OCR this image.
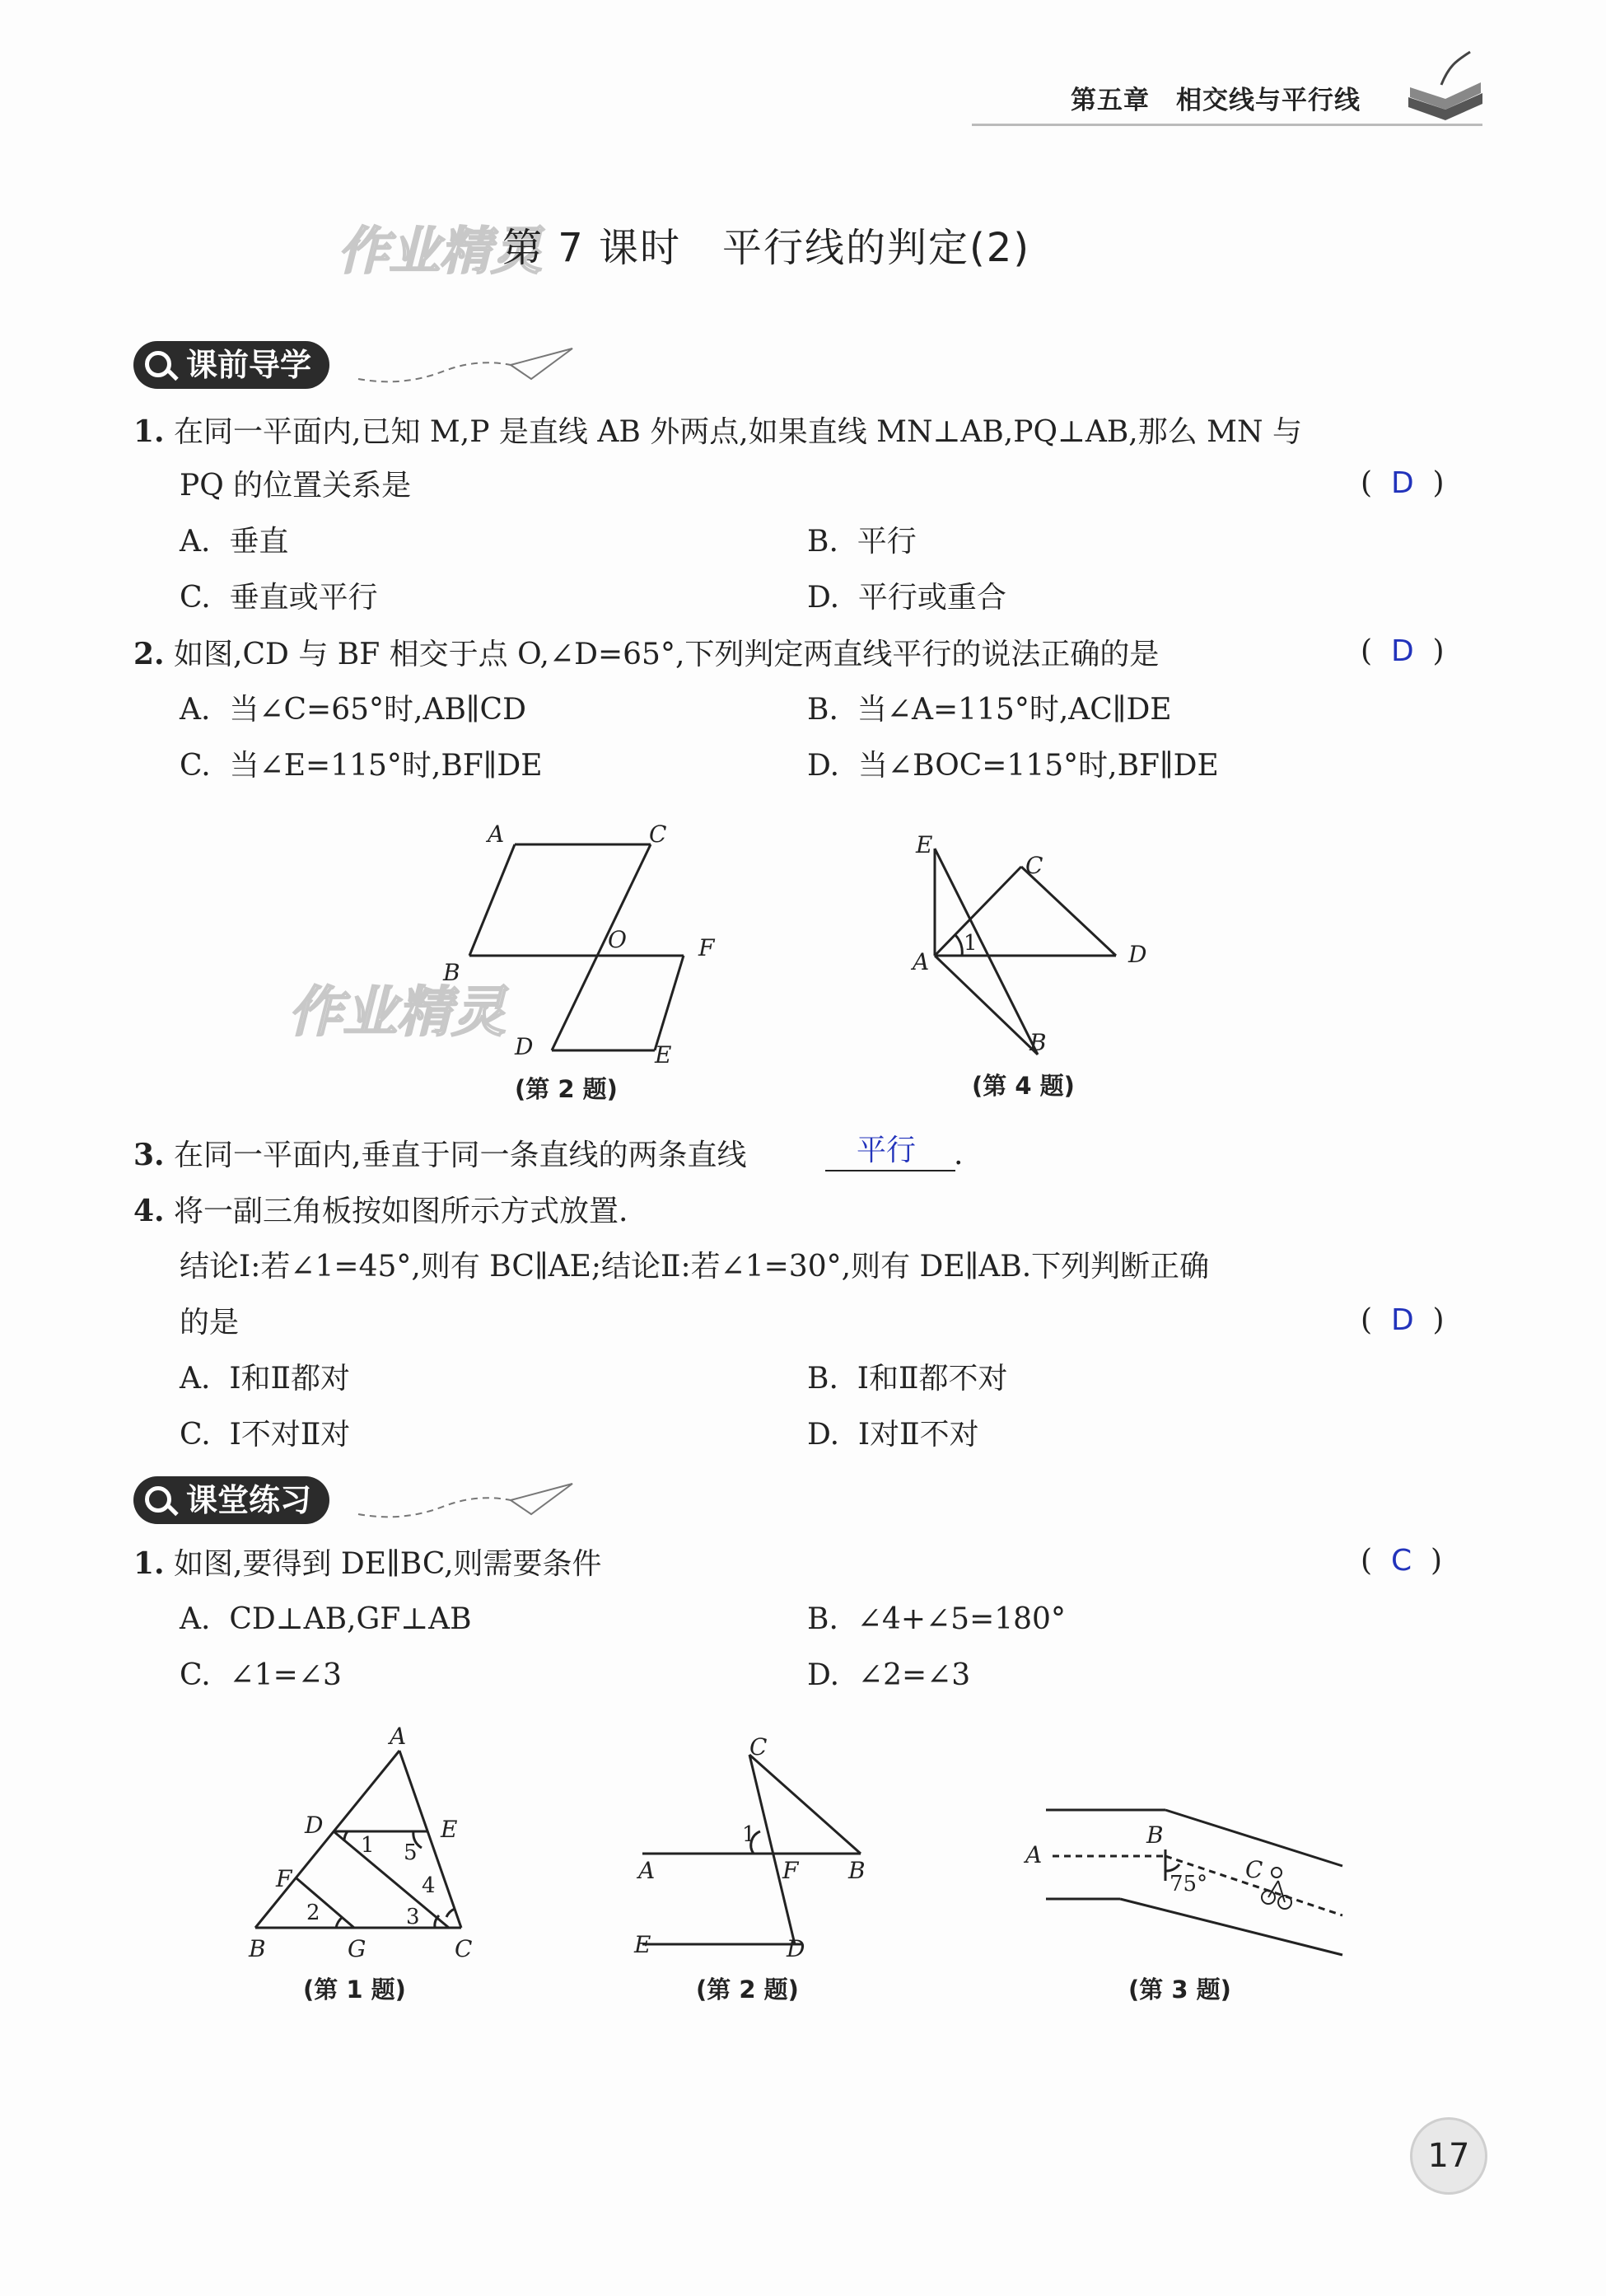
第五章　 相交线与平行线
作业精灵
第 7 课时　平行线的判定(2)
课前导学
1. 在同一平面内,已知 M,P 是直线 AB 外两点,如果直线 MN⊥AB,PQ⊥AB,那么 MN 与
PQ 的位置关系是	(  D  )
A.  垂直	B.  平行
C.  垂直或平行	D.  平行或重合
2. 如图,CD 与 BF 相交于点 O,∠D=65°,下列判定两直线平行的说法正确的是	(  D  )
A.  当∠C=65°时,AB∥CD	B.  当∠A=115°时,AC∥DE
C.  当∠E=115°时,BF∥DE	D.  当∠BOC=115°时,BF∥DE
A	C
O	F
B
D	E
作业精灵
(第 2 题)
E
C
1
A	D
B
(第 4 题)
3. 在同一平面内,垂直于同一条直线的两条直线	平行 .
4. 将一副三角板按如图所示方式放置.
结论Ⅰ:若∠1=45°,则有 BC∥AE;结论Ⅱ:若∠1=30°,则有 DE∥AB.下列判断正确
的是	(  D  )
A.  Ⅰ和Ⅱ都对	B.  Ⅰ和Ⅱ都不对
C.  Ⅰ不对Ⅱ对	D.  Ⅰ对Ⅱ不对
课堂练习
1. 如图,要得到 DE∥BC,则需要条件	(  C  )
A.  CD⊥AB,GF⊥AB	B.  ∠4+∠5=180°
C.  ∠1=∠3	D.  ∠2=∠3
A
D	E
1 5
F	4
2	3
B	G	C
(第 1 题)
C
1
A	F B
E	D
(第 2 题)
A
B
75°
C
(第 3 题)
17
